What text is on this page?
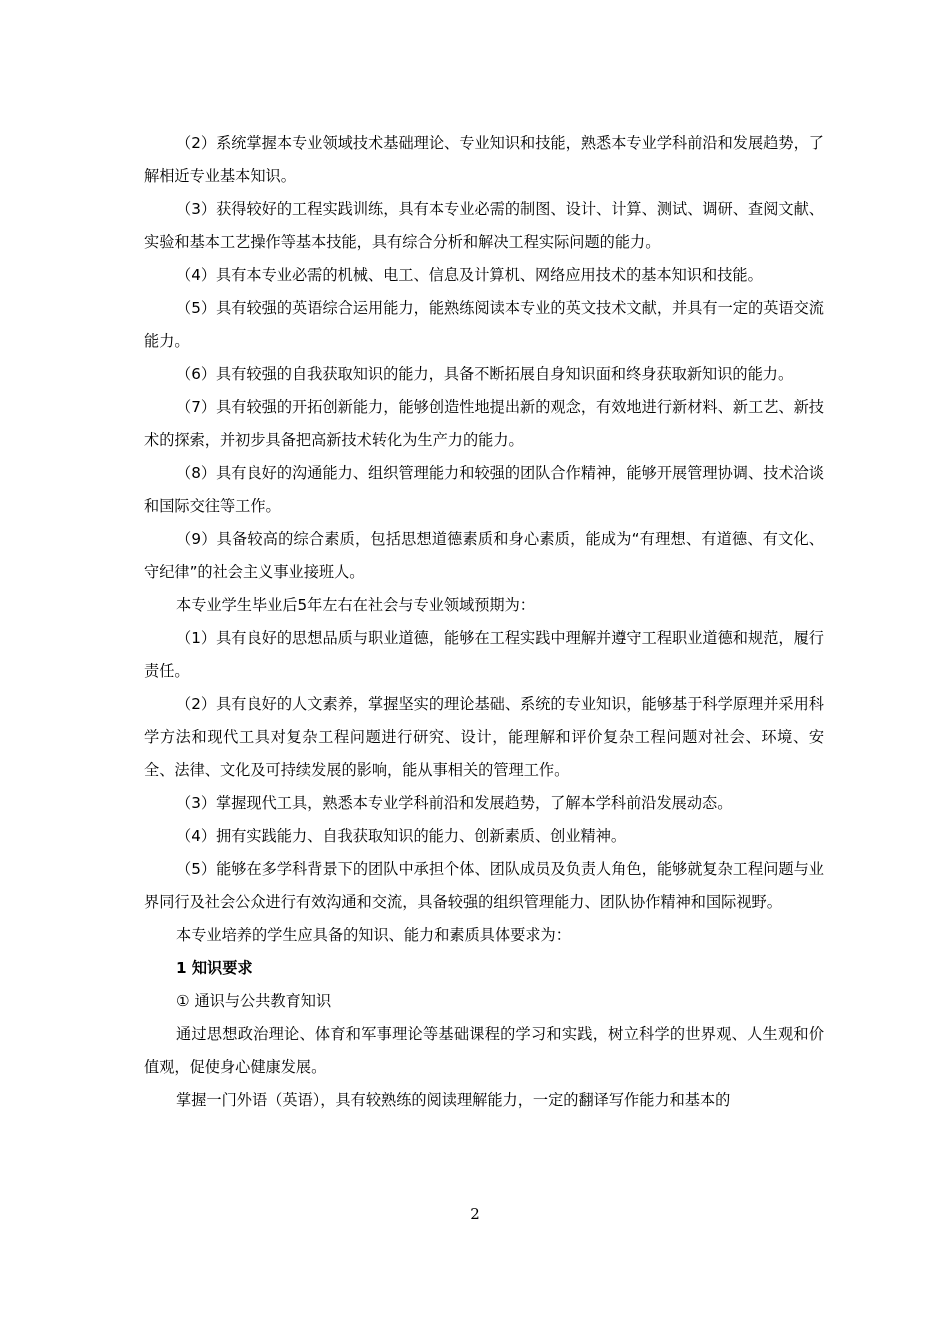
（2）系统掌握本专业领域技术基础理论、专业知识和技能，熟悉本专业学科前沿和发展趋势，了解相近专业基本知识。

（3）获得较好的工程实践训练，具有本专业必需的制图、设计、计算、测试、调研、查阅文献、实验和基本工艺操作等基本技能，具有综合分析和解决工程实际问题的能力。

（4）具有本专业必需的机械、电工、信息及计算机、网络应用技术的基本知识和技能。

（5）具有较强的英语综合运用能力，能熟练阅读本专业的英文技术文献，并具有一定的英语交流能力。

（6）具有较强的自我获取知识的能力，具备不断拓展自身知识面和终身获取新知识的能力。

（7）具有较强的开拓创新能力，能够创造性地提出新的观念，有效地进行新材料、新工艺、新技术的探索，并初步具备把高新技术转化为生产力的能力。

（8）具有良好的沟通能力、组织管理能力和较强的团队合作精神，能够开展管理协调、技术洽谈和国际交往等工作。

（9）具备较高的综合素质，包括思想道德素质和身心素质，能成为“有理想、有道德、有文化、守纪律”的社会主义事业接班人。

本专业学生毕业后5年左右在社会与专业领域预期为：

（1）具有良好的思想品质与职业道德，能够在工程实践中理解并遵守工程职业道德和规范，履行责任。

（2）具有良好的人文素养，掌握坚实的理论基础、系统的专业知识，能够基于科学原理并采用科学方法和现代工具对复杂工程问题进行研究、设计，能理解和评价复杂工程问题对社会、环境、安全、法律、文化及可持续发展的影响，能从事相关的管理工作。

（3）掌握现代工具，熟悉本专业学科前沿和发展趋势，了解本学科前沿发展动态。

（4）拥有实践能力、自我获取知识的能力、创新素质、创业精神。

（5）能够在多学科背景下的团队中承担个体、团队成员及负责人角色，能够就复杂工程问题与业界同行及社会公众进行有效沟通和交流，具备较强的组织管理能力、团队协作精神和国际视野。

本专业培养的学生应具备的知识、能力和素质具体要求为：

1 知识要求

① 通识与公共教育知识

通过思想政治理论、体育和军事理论等基础课程的学习和实践，树立科学的世界观、人生观和价值观，促使身心健康发展。

掌握一门外语（英语），具有较熟练的阅读理解能力，一定的翻译写作能力和基本的

2
